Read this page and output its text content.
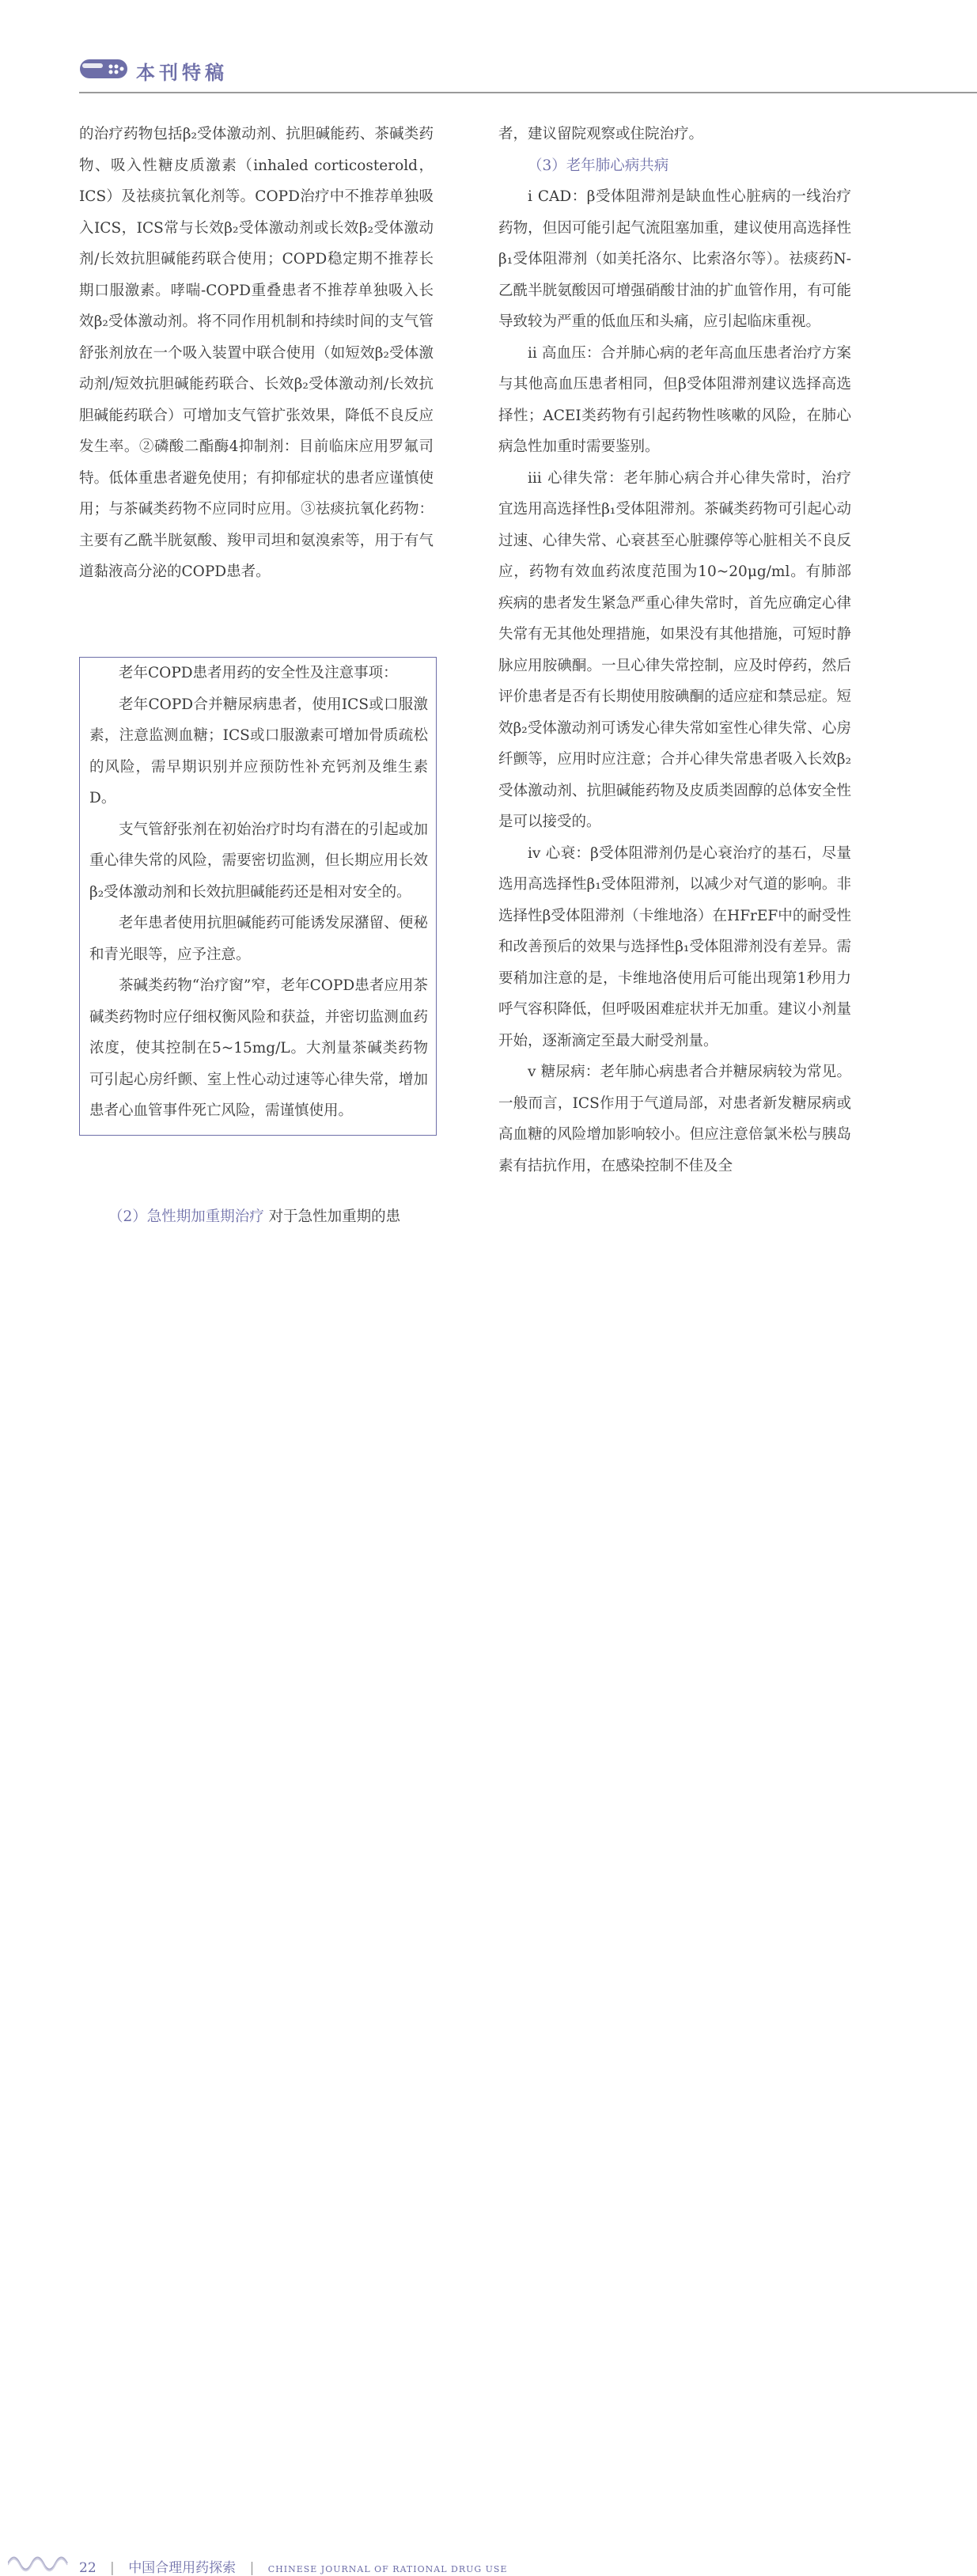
本刊特稿

的治疗药物包括β₂受体激动剂、抗胆碱能药、茶碱类药物、吸入性糖皮质激素（inhaled corticosterold，ICS）及祛痰抗氧化剂等。COPD治疗中不推荐单独吸入ICS，ICS常与长效β₂受体激动剂或长效β₂受体激动剂/长效抗胆碱能药联合使用；COPD稳定期不推荐长期口服激素。哮喘-COPD重叠患者不推荐单独吸入长效β₂受体激动剂。将不同作用机制和持续时间的支气管舒张剂放在一个吸入装置中联合使用（如短效β₂受体激动剂/短效抗胆碱能药联合、长效β₂受体激动剂/长效抗胆碱能药联合）可增加支气管扩张效果，降低不良反应发生率。②磷酸二酯酶4抑制剂：目前临床应用罗氟司特。低体重患者避免使用；有抑郁症状的患者应谨慎使用；与茶碱类药物不应同时应用。③祛痰抗氧化药物：主要有乙酰半胱氨酸、羧甲司坦和氨溴索等，用于有气道黏液高分泌的COPD患者。

老年COPD患者用药的安全性及注意事项：

老年COPD合并糖尿病患者，使用ICS或口服激素，注意监测血糖；ICS或口服激素可增加骨质疏松的风险，需早期识别并应预防性补充钙剂及维生素D。

支气管舒张剂在初始治疗时均有潜在的引起或加重心律失常的风险，需要密切监测，但长期应用长效β₂受体激动剂和长效抗胆碱能药还是相对安全的。

老年患者使用抗胆碱能药可能诱发尿潴留、便秘和青光眼等，应予注意。

茶碱类药物“治疗窗”窄，老年COPD患者应用茶碱类药物时应仔细权衡风险和获益，并密切监测血药浓度，使其控制在5~15mg/L。大剂量茶碱类药物可引起心房纤颤、室上性心动过速等心律失常，增加患者心血管事件死亡风险，需谨慎使用。

（2）急性期加重期治疗 对于急性加重期的患

者，建议留院观察或住院治疗。

（3）老年肺心病共病

ⅰ CAD：β受体阻滞剂是缺血性心脏病的一线治疗药物，但因可能引起气流阻塞加重，建议使用高选择性β₁受体阻滞剂（如美托洛尔、比索洛尔等）。祛痰药N-乙酰半胱氨酸因可增强硝酸甘油的扩血管作用，有可能导致较为严重的低血压和头痛，应引起临床重视。

ⅱ 高血压：合并肺心病的老年高血压患者治疗方案与其他高血压患者相同，但β受体阻滞剂建议选择高选择性；ACEI类药物有引起药物性咳嗽的风险，在肺心病急性加重时需要鉴别。

ⅲ 心律失常：老年肺心病合并心律失常时，治疗宜选用高选择性β₁受体阻滞剂。茶碱类药物可引起心动过速、心律失常、心衰甚至心脏骤停等心脏相关不良反应，药物有效血药浓度范围为10~20μg/ml。有肺部疾病的患者发生紧急严重心律失常时，首先应确定心律失常有无其他处理措施，如果没有其他措施，可短时静脉应用胺碘酮。一旦心律失常控制，应及时停药，然后评价患者是否有长期使用胺碘酮的适应症和禁忌症。短效β₂受体激动剂可诱发心律失常如室性心律失常、心房纤颤等，应用时应注意；合并心律失常患者吸入长效β₂受体激动剂、抗胆碱能药物及皮质类固醇的总体安全性是可以接受的。

ⅳ 心衰：β受体阻滞剂仍是心衰治疗的基石，尽量选用高选择性β₁受体阻滞剂，以减少对气道的影响。非选择性β受体阻滞剂（卡维地洛）在HFrEF中的耐受性和改善预后的效果与选择性β₁受体阻滞剂没有差异。需要稍加注意的是，卡维地洛使用后可能出现第1秒用力呼气容积降低，但呼吸困难症状并无加重。建议小剂量开始，逐渐滴定至最大耐受剂量。

ⅴ 糖尿病：老年肺心病患者合并糖尿病较为常见。一般而言，ICS作用于气道局部，对患者新发糖尿病或高血糖的风险增加影响较小。但应注意倍氯米松与胰岛素有拮抗作用，在感染控制不佳及全

22 | 中国合理用药探索 | CHINESE JOURNAL OF RATIONAL DRUG USE
